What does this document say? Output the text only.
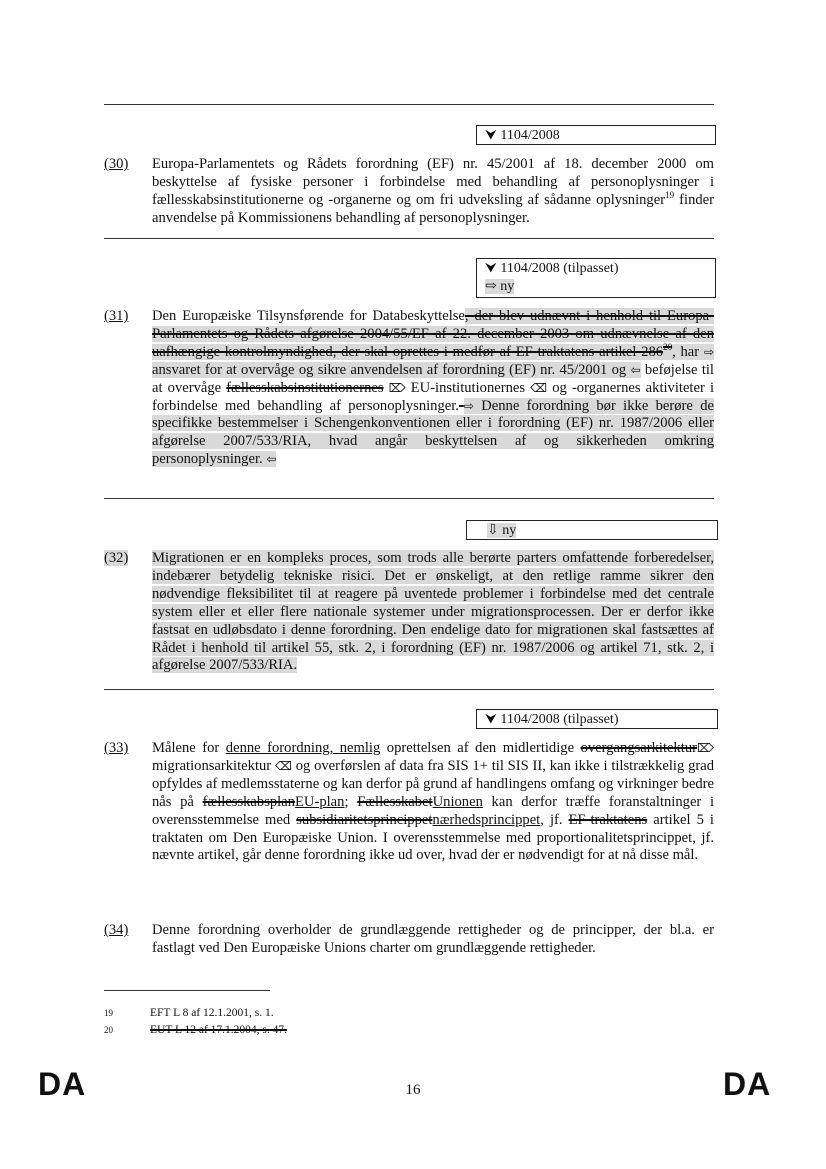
⮟ 1104/2008
⮟ 1104/2008 (tilpasset)
⇨ ny
⇩ ny
⮟ 1104/2008 (tilpasset)
(30) Europa-Parlamentets og Rådets forordning (EF) nr. 45/2001 af 18. december 2000 om beskyttelse af fysiske personer i forbindelse med behandling af personoplysninger i fællesskabsinstitutionerne og -organerne og om fri udveksling af sådanne oplysninger$^{19}$ finder anvendelse på Kommissionens behandling af personoplysninger.
(31) Den Europæiske Tilsynsførende for Databeskyttelse, der blev udnævnt i henhold til Europa-Parlamentets og Rådets afgørelse 2004/55/EF af 22. december 2003 om udnævnelse af den uafhængige kontrolmyndighed, der skal oprettes i medfør af EF-traktatens artikel $286^{20}$, har ⇨ ansvaret for at overvåge og sikre anvendelsen af forordning (EF) nr. 45/2001 og ⇦ beføjelse til at overvåge fællesskabsinstitutionernes ⌦ EU-institutionernes ⌫ og -organernes aktiviteter i forbindelse med behandling af personoplysninger.-⇨ Denne forordning bør ikke berøre de specifikke bestemmelser i Schengenkonventionen eller i forordning (EF) nr. 1987/2006 eller afgørelse 2007/533/RIA, hvad angår beskyttelsen af og sikkerheden omkring personoplysninger. ⇦
(32) Migrationen er en kompleks proces, som trods alle berørte parters omfattende forberedelser, indebærer betydelig tekniske risici. Det er ønskeligt, at den retlige ramme sikrer den nødvendige fleksibilitet til at reagere på uventede problemer i forbindelse med det centrale system eller et eller flere nationale systemer under migrationsprocessen. Der er derfor ikke fastsat en udløbsdato i denne forordning. Den endelige dato for migrationen skal fastsættes af Rådet i henhold til artikel 55, stk. 2, i forordning (EF) nr. 1987/2006 og artikel 71, stk. 2, i afgørelse 2007/533/RIA.
(33) Målene for denne forordning, nemlig oprettelsen af den midlertidige overgangsarkitektur⌦ migrationsarkitektur ⌫ og overførslen af data fra SIS 1+ til SIS II, kan ikke i tilstrækkelig grad opfyldes af medlemsstaterne og kan derfor på grund af handlingens omfang og virkninger bedre nås på fællesskabsplanEU-plan; FællesskabetUnionen kan derfor træffe foranstaltninger i overensstemmelse med subsidiaritetsprincippetnærhedsprincippet, jf. EF-traktatens artikel 5 i traktaten om Den Europæiske Union. I overensstemmelse med proportionalitetsprincippet, jf. nævnte artikel, går denne forordning ikke ud over, hvad der er nødvendigt for at nå disse mål.
(34) Denne forordning overholder de grundlæggende rettigheder og de principper, der bl.a. er fastlagt ved Den Europæiske Unions charter om grundlæggende rettigheder.
19	EFT L 8 af 12.1.2001, s. 1.
20	EUT L 12 af 17.1.2004, s. 47.
DA	16	DA
